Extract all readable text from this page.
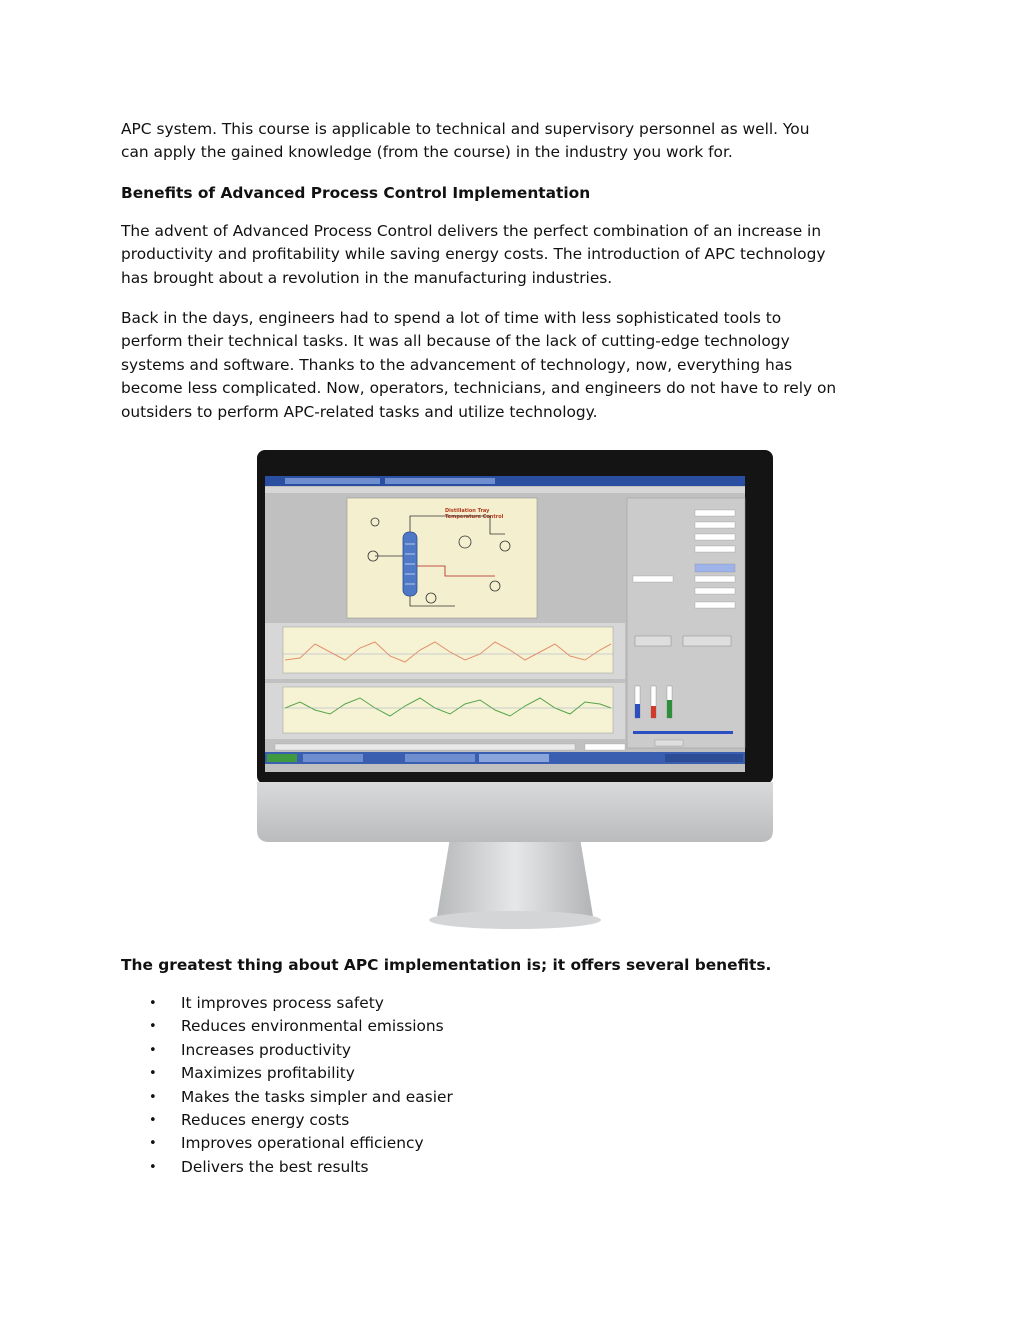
APC system. This course is applicable to technical and supervisory personnel as well. You
can apply the gained knowledge (from the course) in the industry you work for.

Benefits of Advanced Process Control Implementation

The advent of Advanced Process Control delivers the perfect combination of an increase in
productivity and profitability while saving energy costs. The introduction of APC technology
has brought about a revolution in the manufacturing industries.

Back in the days, engineers had to spend a lot of time with less sophisticated tools to
perform their technical tasks. It was all because of the lack of cutting-edge technology
systems and software. Thanks to the advancement of technology, now, everything has
become less complicated. Now, operators, technicians, and engineers do not have to rely on
outsiders to perform APC-related tasks and utilize technology.

Distillation Tray
Temperature Control
The greatest thing about APC implementation is; it offers several benefits.
• It improves process safety
• Reduces environmental emissions
• Increases productivity
• Maximizes profitability
• Makes the tasks simpler and easier
• Reduces energy costs
• Improves operational efficiency
• Delivers the best results
